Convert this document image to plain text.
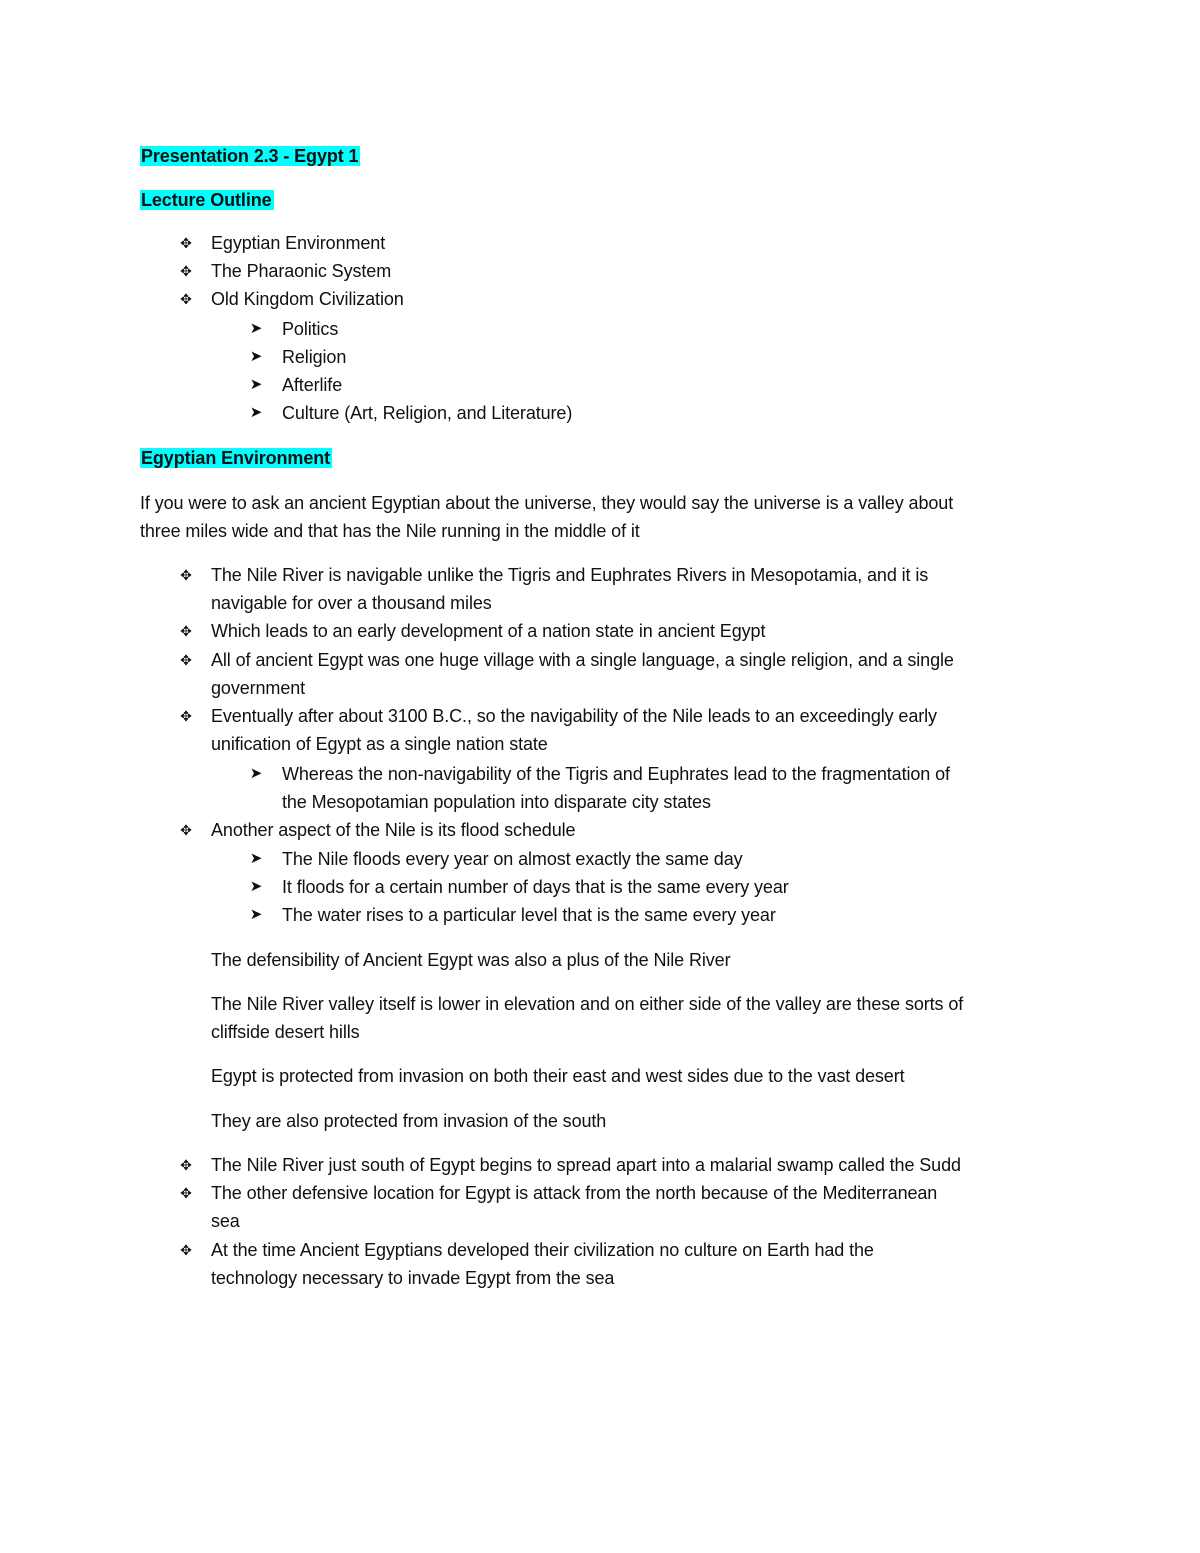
Presentation 2.3 - Egypt 1
Lecture Outline
✥ Egyptian Environment
✥ The Pharaonic System
✥ Old Kingdom Civilization
➤ Politics
➤ Religion
➤ Afterlife
➤ Culture (Art, Religion, and Literature)
Egyptian Environment
If you were to ask an ancient Egyptian about the universe, they would say the universe is a valley about
three miles wide and that has the Nile running in the middle of it
✥ The Nile River is navigable unlike the Tigris and Euphrates Rivers in Mesopotamia, and it is
navigable for over a thousand miles
✥ Which leads to an early development of a nation state in ancient Egypt
✥ All of ancient Egypt was one huge village with a single language, a single religion, and a single
government
✥ Eventually after about 3100 B.C., so the navigability of the Nile leads to an exceedingly early
unification of Egypt as a single nation state
➤ Whereas the non-navigability of the Tigris and Euphrates lead to the fragmentation of
the Mesopotamian population into disparate city states
✥ Another aspect of the Nile is its flood schedule
➤ The Nile floods every year on almost exactly the same day
➤ It floods for a certain number of days that is the same every year
➤ The water rises to a particular level that is the same every year
The defensibility of Ancient Egypt was also a plus of the Nile River
The Nile River valley itself is lower in elevation and on either side of the valley are these sorts of
cliffside desert hills
Egypt is protected from invasion on both their east and west sides due to the vast desert
They are also protected from invasion of the south
✥ The Nile River just south of Egypt begins to spread apart into a malarial swamp called the Sudd
✥ The other defensive location for Egypt is attack from the north because of the Mediterranean
sea
✥ At the time Ancient Egyptians developed their civilization no culture on Earth had the
technology necessary to invade Egypt from the sea
